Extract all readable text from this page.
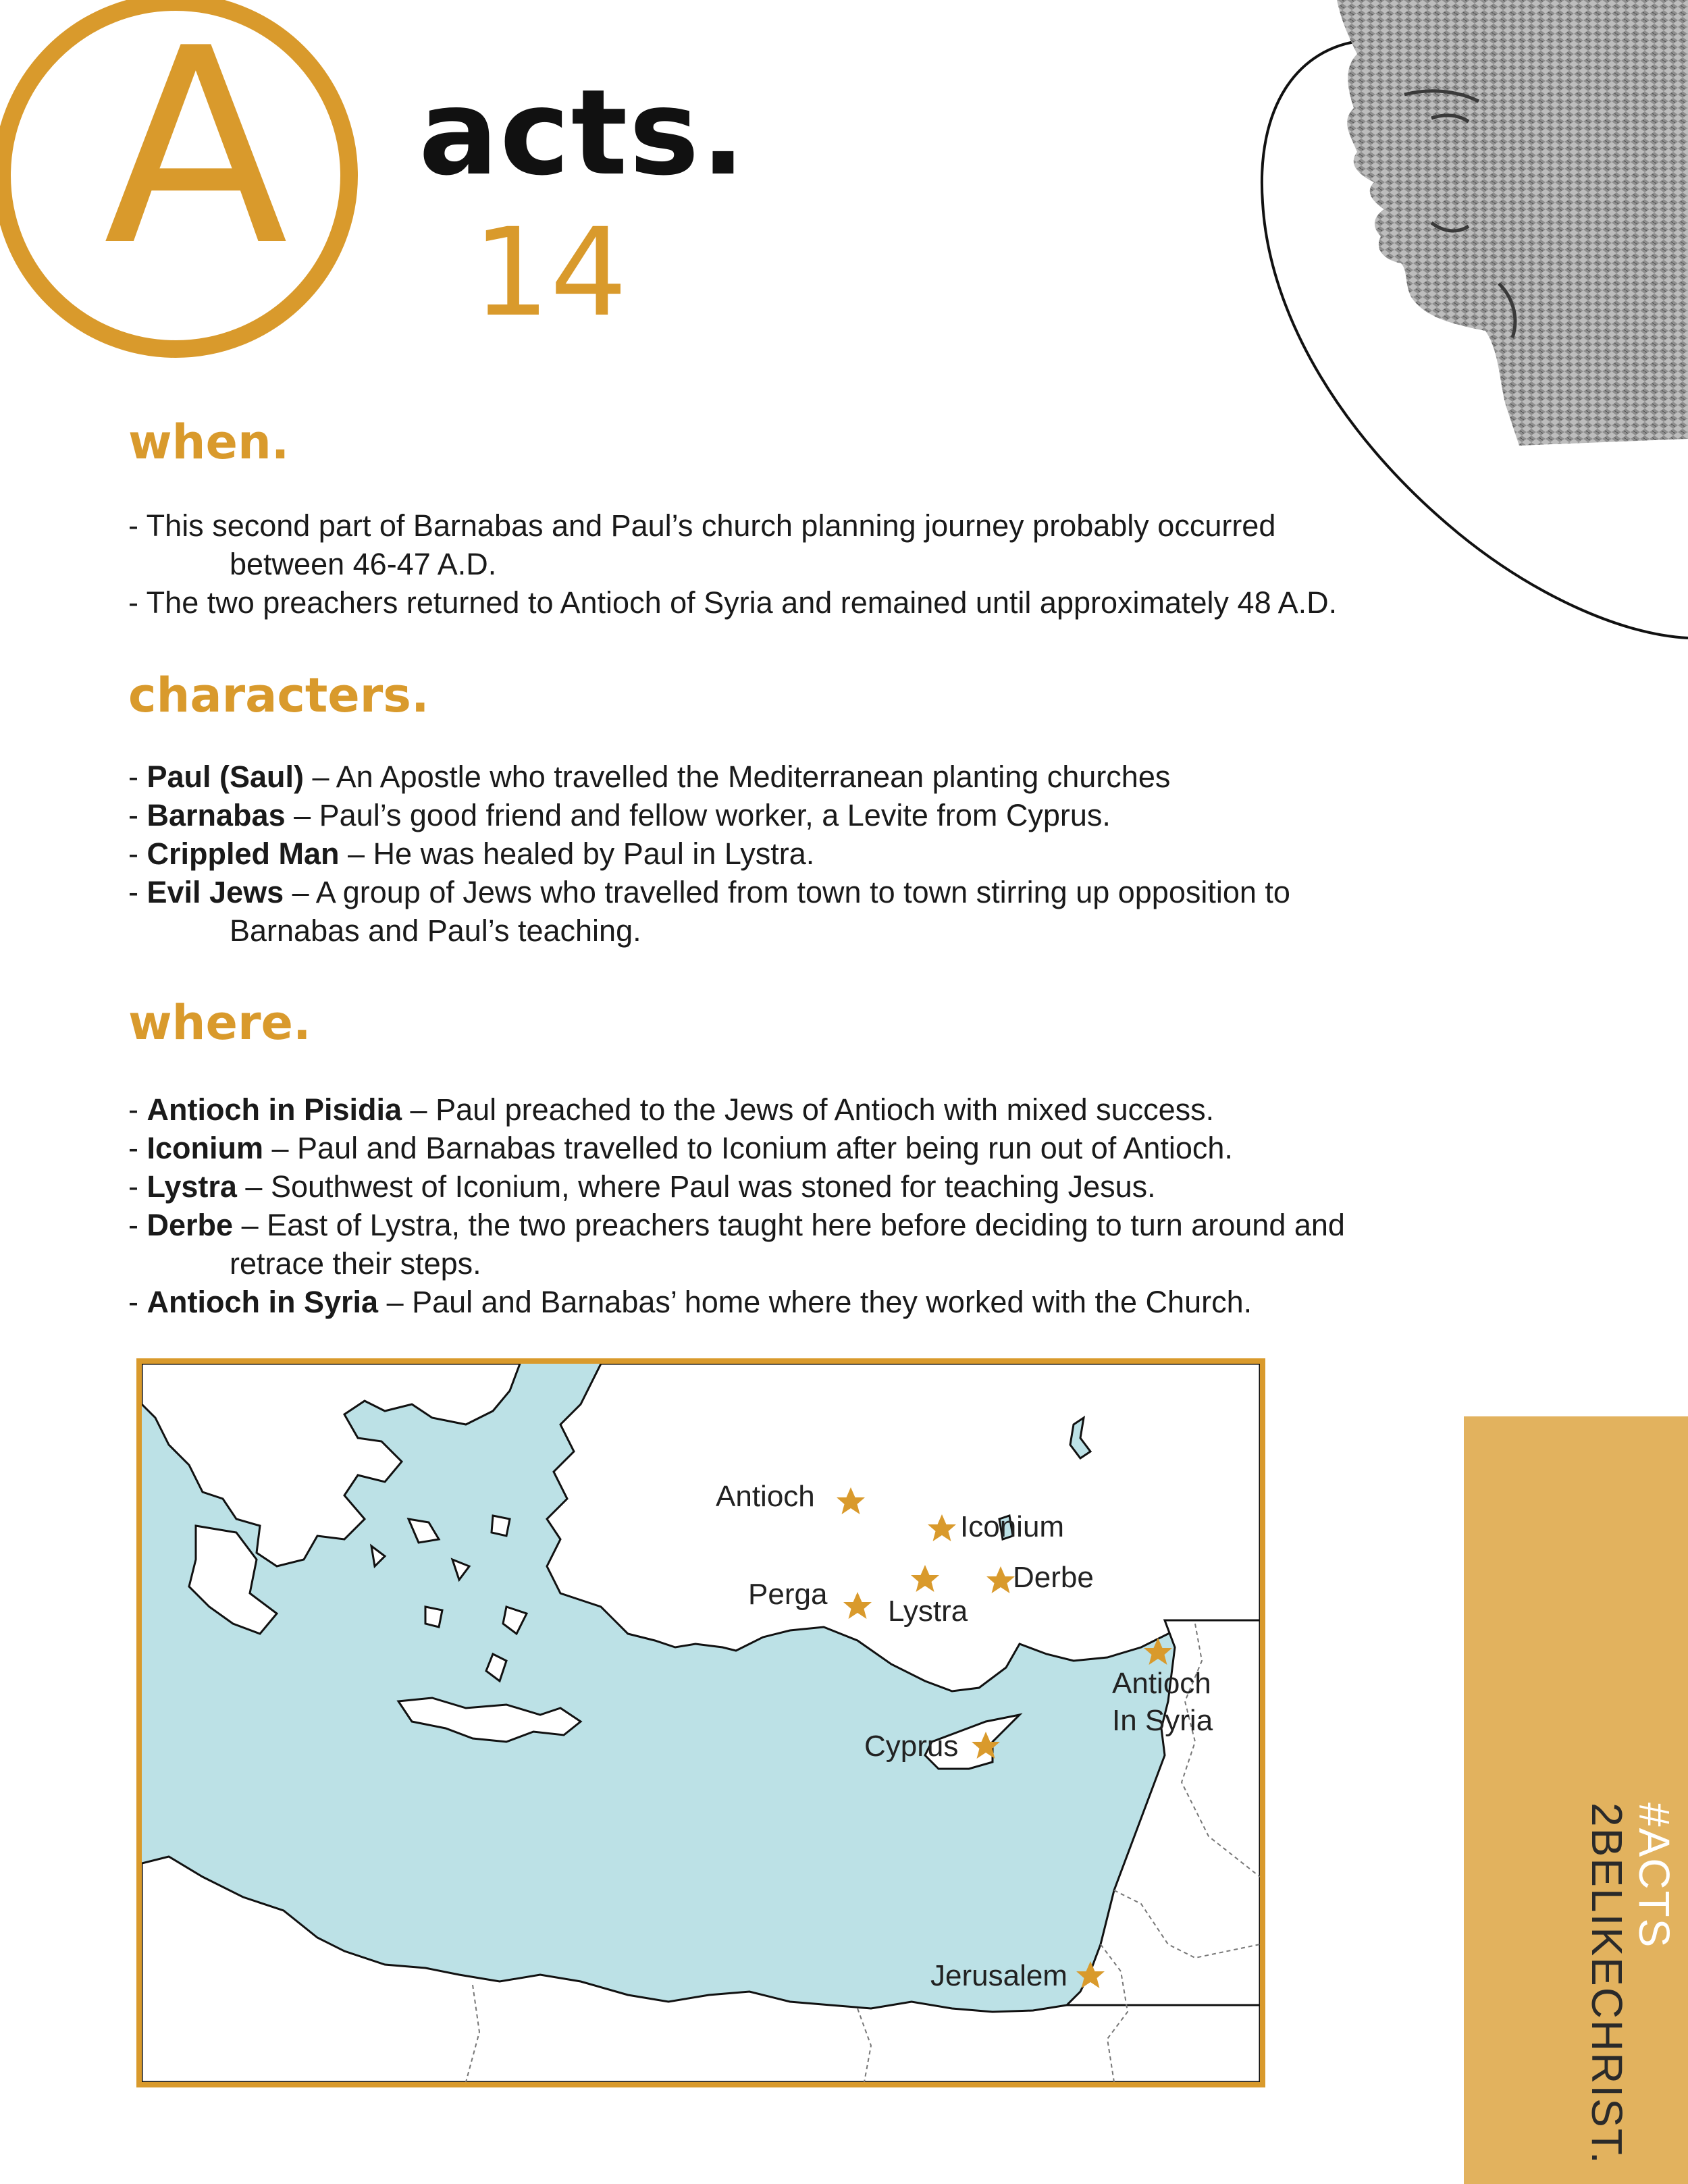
A acts.
14
when.
- This second part of Barnabas and Paul’s church planning journey probably occurred
between 46-47 A.D.
- The two preachers returned to Antioch of Syria and remained until approximately 48 A.D.
characters.
- Paul (Saul) – An Apostle who travelled the Mediterranean planting churches
- Barnabas – Paul’s good friend and fellow worker, a Levite from Cyprus.
- Crippled Man – He was healed by Paul in Lystra.
- Evil Jews – A group of Jews who travelled from town to town stirring up opposition to
Barnabas and Paul’s teaching.
where.
- Antioch in Pisidia – Paul preached to the Jews of Antioch with mixed success.
- Iconium – Paul and Barnabas travelled to Iconium after being run out of Antioch.
- Lystra – Southwest of Iconium, where Paul was stoned for teaching Jesus.
- Derbe – East of Lystra, the two preachers taught here before deciding to turn around and
retrace their steps.
- Antioch in Syria – Paul and Barnabas’ home where they worked with the Church.
Antioch
Iconium
Derbe
Perga
Lystra
Antioch
In Syria
Cyprus
Jerusalem
#ACTS
2BELIKECHRIST.
